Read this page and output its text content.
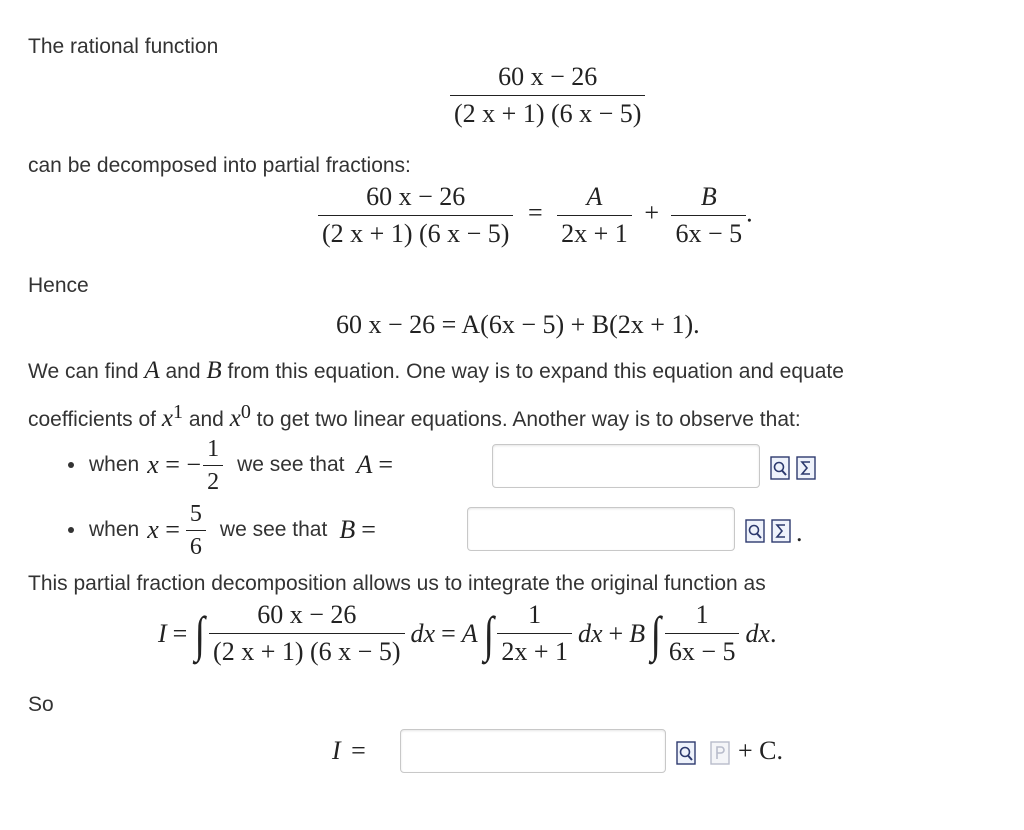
The rational function
$\frac{60 x - 26}{(2 x + 1) (6 x - 5)}$
can be decomposed into partial fractions:
$\frac{60 x - 26}{(2 x + 1) (6 x - 5)} = \frac{A}{2x + 1} + \frac{B}{6x - 5}$ .
Hence
60 x − 26 = A(6x − 5) + B(2x + 1).
We can find A and B from this equation. One way is to expand this equation and equate
coefficients of $x^1$ and $x^0$ to get two linear equations. Another way is to observe that:
when x = − $\frac{1}{2}$ we see that A =
when $x = \frac{5}{6}$ we see that B =	.
This partial fraction decomposition allows us to integrate the original function as
I = ∫ $\frac{60 x - 26}{(2 x + 1) (6 x - 5)}$ dx = A ∫ $\frac{1}{2x + 1}$ dx + B ∫ $\frac{1}{6x - 5}$ dx .
So
I =	+ C.
